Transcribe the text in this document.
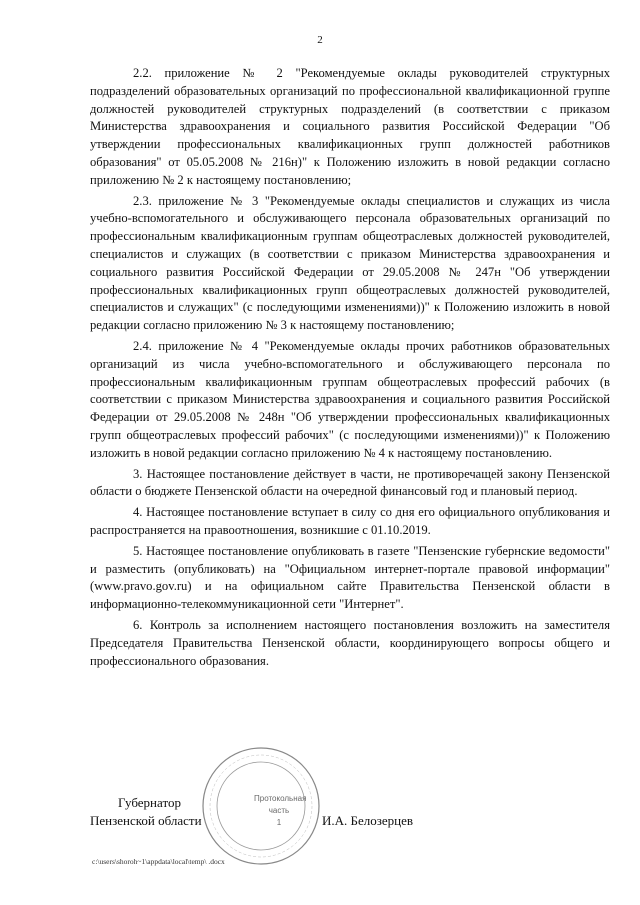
2

2.2. приложение № 2 "Рекомендуемые оклады руководителей структурных подразделений образовательных организаций по профессиональной квалификационной группе должностей руководителей структурных подразделений (в соответствии с приказом Министерства здравоохранения и социального развития Российской Федерации "Об утверждении профессиональных квалификационных групп должностей работников образования" от 05.05.2008 № 216н)" к Положению изложить в новой редакции согласно приложению № 2 к настоящему постановлению;

2.3. приложение № 3 "Рекомендуемые оклады специалистов и служащих из числа учебно-вспомогательного и обслуживающего персонала образовательных организаций по профессиональным квалификационным группам общеотраслевых должностей руководителей, специалистов и служащих (в соответствии с приказом Министерства здравоохранения и социального развития Российской Федерации от 29.05.2008 № 247н "Об утверждении профессиональных квалификационных групп общеотраслевых должностей руководителей, специалистов и служащих" (с последующими изменениями))" к Положению изложить в новой редакции согласно приложению № 3 к настоящему постановлению;

2.4. приложение № 4 "Рекомендуемые оклады прочих работников образовательных организаций из числа учебно-вспомогательного и обслуживающего персонала по профессиональным квалификационным группам общеотраслевых профессий рабочих (в соответствии с приказом Министерства здравоохранения и социального развития Российской Федерации от 29.05.2008 № 248н "Об утверждении профессиональных квалификационных групп общеотраслевых профессий рабочих" (с последующими изменениями))" к Положению изложить в новой редакции согласно приложению № 4 к настоящему постановлению.

3. Настоящее постановление действует в части, не противоречащей закону Пензенской области о бюджете Пензенской области на очередной финансовый год и плановый период.

4. Настоящее постановление вступает в силу со дня его официального опубликования и распространяется на правоотношения, возникшие с 01.10.2019.

5. Настоящее постановление опубликовать в газете "Пензенские губернские ведомости" и разместить (опубликовать) на "Официальном интернет-портале правовой информации" (www.pravo.gov.ru) и на официальном сайте Правительства Пензенской области в информационно-телекоммуникационной сети "Интернет".

6. Контроль за исполнением настоящего постановления возложить на заместителя Председателя Правительства Пензенской области, координирующего вопросы общего и профессионального образования.

Протокольная
часть
1
Губернатор
Пензенской области	И.А. Белозерцев
c:\users\shoroh~1\appdata\local\temp\ .docx
